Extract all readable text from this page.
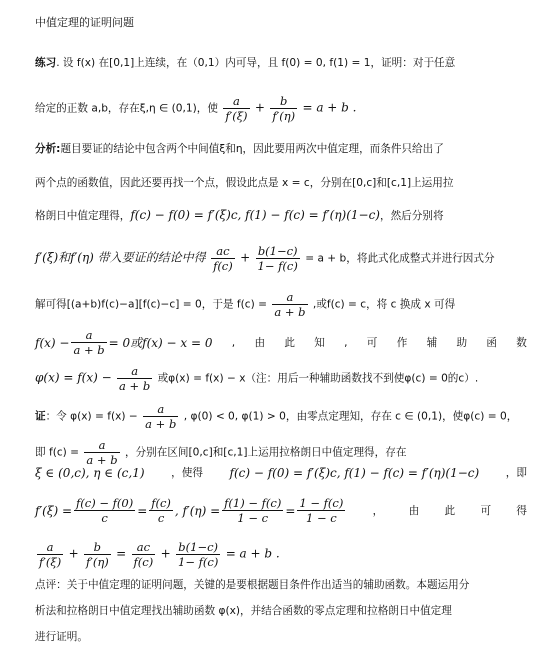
中值定理的证明问题
练习. 设 f(x) 在[0,1]上连续，在（0,1）内可导，且 f(0) = 0, f(1) = 1，证明：对于任意
给定的正数 a,b，存在ξ,η ∈ (0,1)，使 $\frac{a}{f'(\xi)} + \frac{b}{f'(\eta)} = a + b$ .
分析:题目要证的结论中包含两个中间值ξ和η，因此要用两次中值定理，而条件只给出了
两个点的函数值，因此还要再找一个点，假设此点是 x = c，分别在[0,c]和[c,1]上运用拉
格朗日中值定理得，f(c) − f(0) = f′(ξ)c, f(1) − f(c) = f′(η)(1−c)，然后分别将
f′(ξ)和f′(η) 带入要证的结论中得 $\frac{ac}{f(c)} + \frac{b(1-c)}{1- f(c)} = a + b$，将此式化成整式并进行因式分
解可得[(a+b)f(c)−a][f(c)−c] = 0，于是 $f(c) = \frac{a}{a + b}$ ,或f(c) = c，将 c 换成 x 可得
$f(x) - \frac{a}{a + b} = 0$或f(x) − x = 0 , 由 此 知 , 可 作 辅 助 函 数
$\varphi(x) = f(x) - \frac{a}{a + b}$ 或φ(x) = f(x) − x（注：用后一种辅助函数找不到使φ(c) = 0的c）.
证：令 $\varphi(x) = f(x) - \frac{a}{a + b}$ , φ(0) < 0, φ(1) > 0，由零点定理知，存在 c ∈ (0,1)，使φ(c) = 0，
即 $f(c) = \frac{a}{a + b}$ ，分别在区间[0,c]和[c,1]上运用拉格朗日中值定理得，存在
ξ ∈ (0,c), η ∈ (c,1)	，使得 f(c) − f(0) = f′(ξ)c, f(1) − f(c) = f′(η)(1−c)	，即
$f'(\xi) = \frac{f(c) - f(0)}{c} = \frac{f(c)}{c}$ , $f'(\eta) = \frac{f(1) - f(c)}{1 - c} = \frac{1 - f(c)}{1 - c}$	， 由 此 可 得
$\frac{a}{f'(\xi)} + \frac{b}{f'(\eta)} = \frac{ac}{f(c)} + \frac{b(1-c)}{1- f(c)} = a + b$ .
点评：关于中值定理的证明问题，关键的是要根据题目条件作出适当的辅助函数。本题运用分
析法和拉格朗日中值定理找出辅助函数 φ(x)，并结合函数的零点定理和拉格朗日中值定理
进行证明。
